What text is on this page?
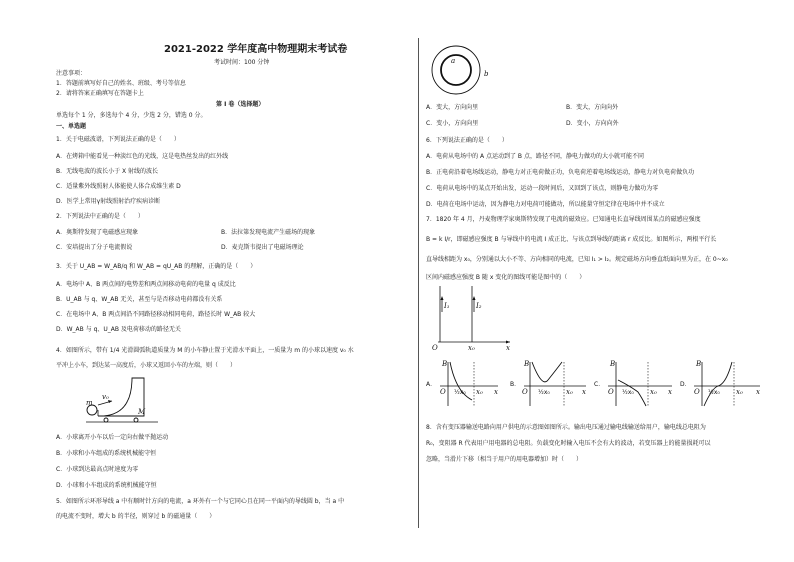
2021-2022 学年度高中物理期末考试卷
考试时间：100 分钟
注意事项：
1．答题前填写好自己的姓名、班级、考号等信息
2．请将答案正确填写在答题卡上
第 I 卷（选择题）
单选每个 1 分，多选每个 4 分，少选 2 分，错选 0 分。
一、单选题
1．关于电磁波谱，下列说法正确的是（　　）
A．在烤箱中能看见一种淡红色的光线，这是电热丝发出的红外线
B．无线电波的波长小于 X 射线的波长
C．适量紫外线照射人体能使人体合成维生素 D
D．医学上常用γ射线照射治疗疾病诊断
2．下列说法中正确的是（　　）
A．奥斯特发现了电磁感应现象	B．法拉第发现电流产生磁场的现象
C．安培提出了分子电流假说	D．麦克斯韦提出了电磁场理论
3．关于 U_AB = W_AB/q 和 W_AB = qU_AB 的理解，正确的是（　　）
A．电场中 A、B 两点间的电势差和两点间移动电荷的电量 q 成反比
B．U_AB 与 q、W_AB 无关，甚至与是否移动电荷都没有关系
C．在电场中 A、B 两点间沿不同路径移动相同电荷，路径长时 W_AB 较大
D．W_AB 与 q、U_AB 及电荷移动的路径无关
4．如图所示，带有 1/4 光滑圆弧轨道质量为 M 的小车静止置于光滑水平面上，一质量为 m 的小球以速度 v₀ 水
平冲上小车，到达某一高度后，小球又返回小车的左端，则（　　）
v₀
m
M
A．小球离开小车以后一定向右做平抛运动
B．小球和小车组成的系统机械能守恒
C．小球到达最高点时速度为零
D．小球和小车组成的系统机械能守恒
5．如图所示环形导线 a 中有顺时针方向的电流，a 环外有一个与它同心且在同一平面内的导线圆 b，当 a 中
的电流不变时，增大 b 的半径，则穿过 b 的磁通量（　　）
a
b
A．变大，方向向里	B．变大，方向向外
C．变小，方向向里	D．变小，方向向外
6．下列说法正确的是（　　）
A．电荷从电场中的 A 点运动到了 B 点，路径不同，静电力做功的大小就可能不同
B．正电荷沿着电场线运动，静电力对正电荷做正功，负电荷逆着电场线运动，静电力对负电荷做负功
C．电荷从电场中的某点开始出发，运动一段时间后，又回到了该点，则静电力做功为零
D．电荷在电场中运动，因为静电力对电荷可能做功，所以能量守恒定律在电场中并不成立
7．1820 年 4 月，丹麦物理学家奥斯特发现了电流的磁效应。已知通电长直导线周围某点的磁感应强度
B = k I/r，即磁感应强度 B 与导线中的电流 I 成正比、与该点到导线的距离 r 成反比。如图所示，两根平行长
直导线相距为 x₀，分别通以大小不等、方向相同的电流，已知 I₁ > I₂。规定磁场方向垂直纸面向里为正，在 0~x₀
区间内磁感应强度 B 随 x 变化的图线可能是图中的（　　）
I₁	I₂
O	x₀	x
A．
B
O ½x₀ x₀ x
B．
B
O ½x₀ x₀ x
C．
B
O ½x₀ x₀ x
D．
B
O ½x₀ x₀ x
8．含有变压器输送电路向用户供电的示意图如图所示。输出电压通过输电线输送给用户，输电线总电阻为
R₀，变阻器 R 代表用户用电器的总电阻。负载变化时输入电压不会有大的波动，若变压器上的能量损耗可以
忽略，当滑片下移（相当于用户的用电器增加）时（　　）
